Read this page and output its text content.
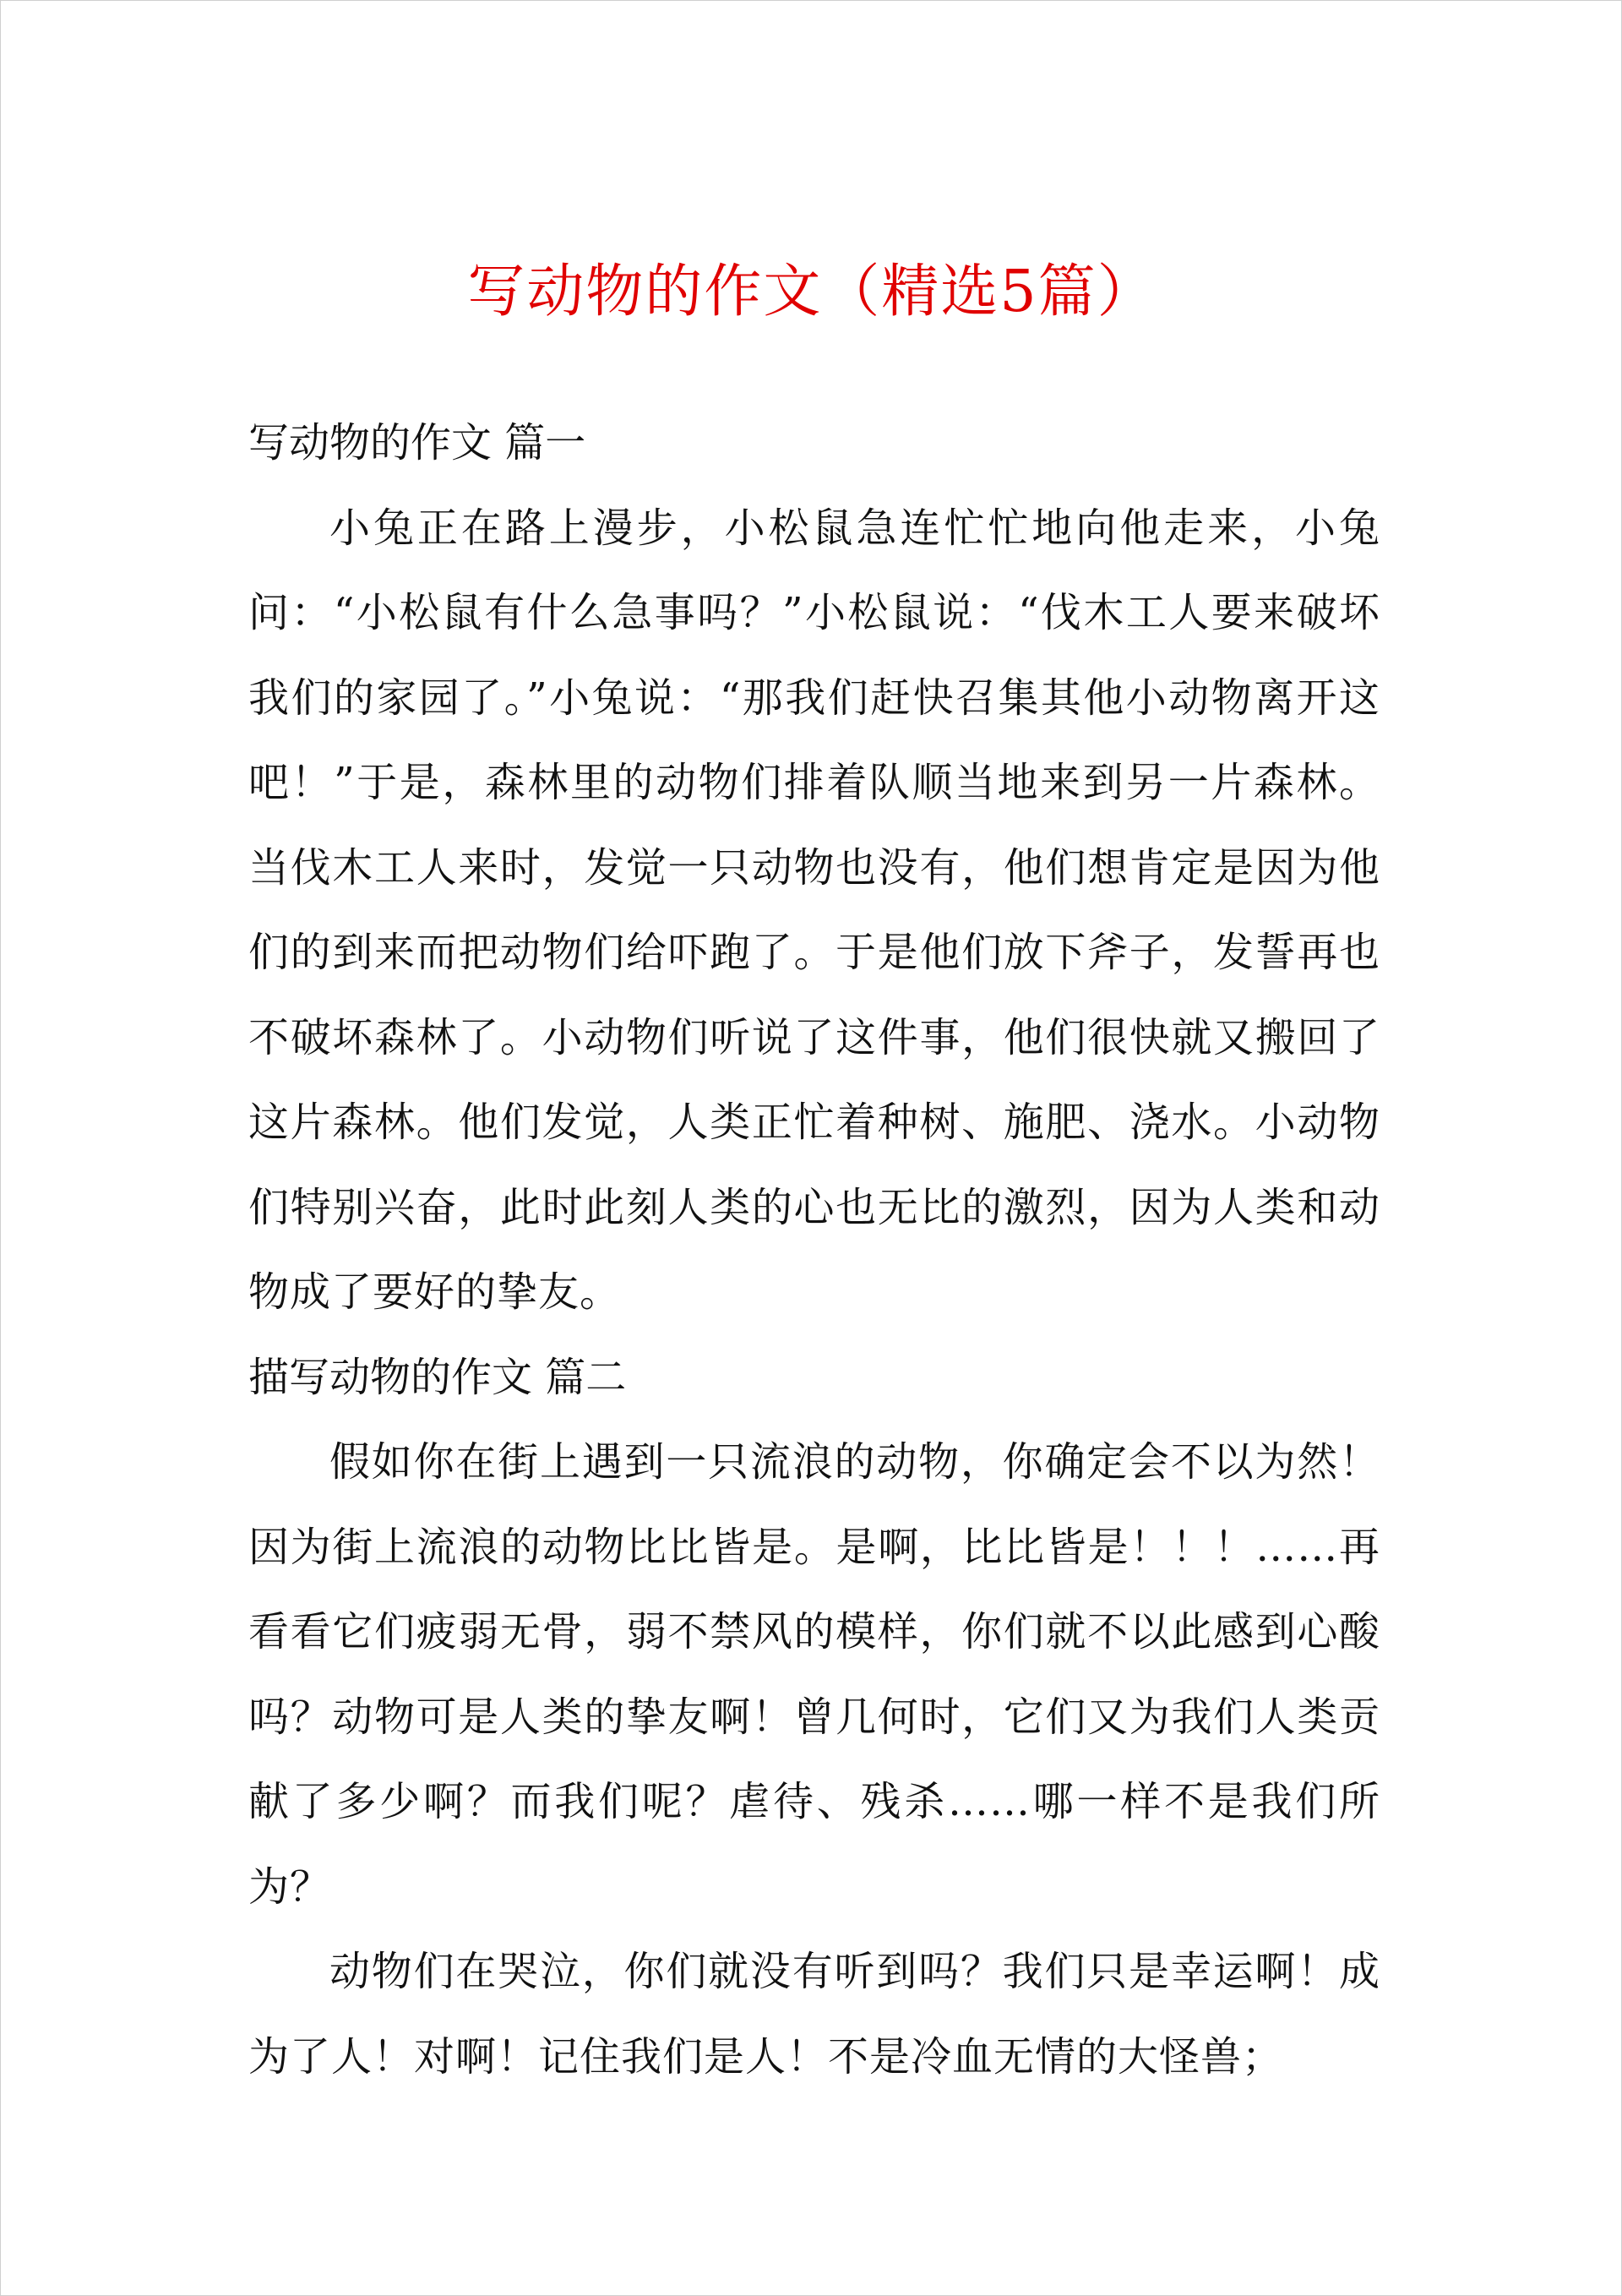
写动物的作文（精选5篇）

写动物的作文 篇一

小兔正在路上漫步，小松鼠急连忙忙地向他走来，小兔问：“小松鼠有什么急事吗？”小松鼠说：“伐木工人要来破坏我们的家园了。”小兔说：“那我们赶快召集其他小动物离开这吧！”于是，森林里的动物们排着队顺当地来到另一片森林。当伐木工人来时，发觉一只动物也没有，他们想肯定是因为他们的到来而把动物们给吓跑了。于是他们放下斧子，发誓再也不破坏森林了。小动物们听说了这件事，他们很快就又搬回了这片森林。他们发觉，人类正忙着种树、施肥、浇水。小动物们特别兴奋，此时此刻人类的心也无比的激烈，因为人类和动物成了要好的挚友。

描写动物的作文 篇二

假如你在街上遇到一只流浪的动物，你确定会不以为然！因为街上流浪的动物比比皆是。是啊，比比皆是！！！……再看看它们疲弱无骨，弱不禁风的模样，你们就不以此感到心酸吗？动物可是人类的挚友啊！曾几何时，它们又为我们人类贡献了多少啊？而我们呢？虐待、残杀……哪一样不是我们所为？

动物们在哭泣，你们就没有听到吗？我们只是幸运啊！成为了人！对啊！记住我们是人！不是冷血无情的大怪兽；
